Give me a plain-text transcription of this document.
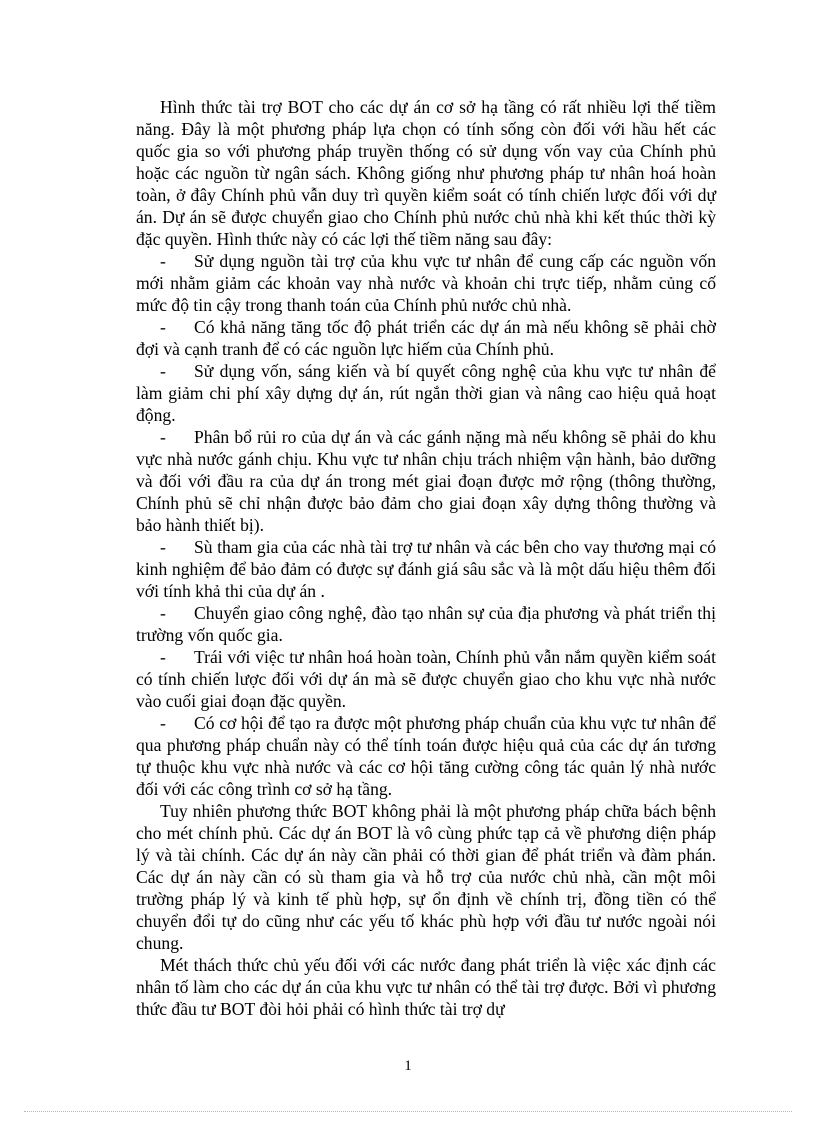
Hình thức tài trợ BOT cho các dự án cơ sở hạ tầng có rất nhiều lợi thế tiềm năng. Đây là một phương pháp lựa chọn có tính sống còn đối với hầu hết các quốc gia so với phương pháp truyền thống có sử dụng vốn vay của Chính phủ hoặc các nguồn từ ngân sách. Không giống như phương pháp tư nhân hoá hoàn toàn, ở đây Chính phủ vẫn duy trì quyền kiểm soát có tính chiến lược đối với dự án. Dự án sẽ được chuyển giao cho Chính phủ nước chủ nhà khi kết thúc thời kỳ đặc quyền. Hình thức này có các lợi thế tiềm năng sau đây:

- Sử dụng nguồn tài trợ của khu vực tư nhân để cung cấp các nguồn vốn mới nhằm giảm các khoản vay nhà nước và khoản chi trực tiếp, nhằm củng cố mức độ tin cậy trong thanh toán của Chính phủ nước chủ nhà.

- Có khả năng tăng tốc độ phát triển các dự án mà nếu không sẽ phải chờ đợi và cạnh tranh để có các nguồn lực hiếm của Chính phủ.

- Sử dụng vốn, sáng kiến và bí quyết công nghệ của khu vực tư nhân để làm giảm chi phí xây dựng dự án, rút ngắn thời gian và nâng cao hiệu quả hoạt động.

- Phân bổ rủi ro của dự án và các gánh nặng mà nếu không sẽ phải do khu vực nhà nước gánh chịu. Khu vực tư nhân chịu trách nhiệm vận hành, bảo dưỡng và đối với đầu ra của dự án trong mét giai đoạn được mở rộng (thông thường, Chính phủ sẽ chỉ nhận được bảo đảm cho giai đoạn xây dựng thông thường và bảo hành thiết bị).

- Sù tham gia của các nhà tài trợ tư nhân và các bên cho vay thương mại có kinh nghiệm để bảo đảm có được sự đánh giá sâu sắc và là một dấu hiệu thêm đối với tính khả thi của dự án .

- Chuyển giao công nghệ, đào tạo nhân sự của địa phương và phát triển thị trường vốn quốc gia.

- Trái với việc tư nhân hoá hoàn toàn, Chính phủ vẫn nắm quyền kiểm soát có tính chiến lược đối với dự án mà sẽ được chuyển giao cho khu vực nhà nước vào cuối giai đoạn đặc quyền.

- Có cơ hội để tạo ra được một phương pháp chuẩn của khu vực tư nhân để qua phương pháp chuẩn này có thể tính toán được hiệu quả của các dự án tương tự thuộc khu vực nhà nước và các cơ hội tăng cường công tác quản lý nhà nước đối với các công trình cơ sở hạ tầng.

Tuy nhiên phương thức BOT không phải là một phương pháp chữa bách bệnh cho mét chính phủ. Các dự án BOT là vô cùng phức tạp cả về phương diện pháp lý và tài chính. Các dự án này cần phải có thời gian để phát triển và đàm phán. Các dự án này cần có sù tham gia và hỗ trợ của nước chủ nhà, cần một môi trường pháp lý và kinh tế phù hợp, sự ổn định về chính trị, đồng tiền có thể chuyển đổi tự do cũng như các yếu tố khác phù hợp với đầu tư nước ngoài nói chung.

Mét thách thức chủ yếu đối với các nước đang phát triển là việc xác định các nhân tố làm cho các dự án của khu vực tư nhân có thể tài trợ được. Bởi vì phương thức đầu tư BOT đòi hỏi phải có hình thức tài trợ dự

1
